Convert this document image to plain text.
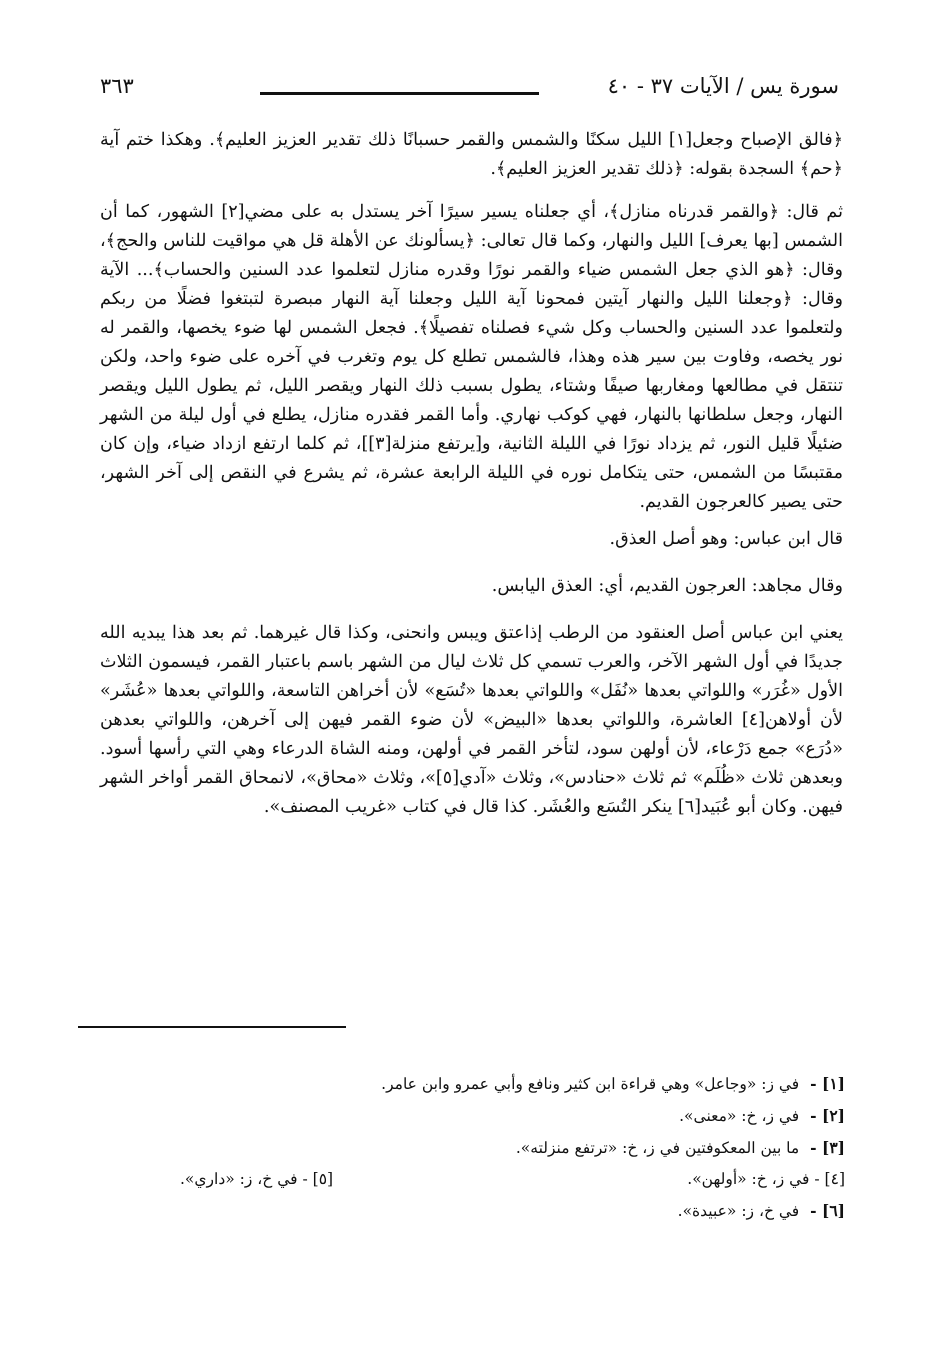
سورة يس / الآيات ٣٧ - ٤٠
٣٦٣

﴿فالق الإصباح وجعل[١] الليل سكنًا والشمس والقمر حسبانًا ذلك تقدير العزيز العليم﴾. وهكذا ختم آية ﴿حم﴾ السجدة بقوله: ﴿ذلك تقدير العزيز العليم﴾.

ثم قال: ﴿والقمر قدرناه منازل﴾، أي جعلناه يسير سيرًا آخر يستدل به على مضي[٢] الشهور، كما أن الشمس [بها يعرف] الليل والنهار، وكما قال تعالى: ﴿يسألونك عن الأهلة قل هي مواقيت للناس والحج﴾، وقال: ﴿هو الذي جعل الشمس ضياء والقمر نورًا وقدره منازل لتعلموا عدد السنين والحساب﴾... الآية وقال: ﴿وجعلنا الليل والنهار آيتين فمحونا آية الليل وجعلنا آية النهار مبصرة لتبتغوا فضلًا من ربكم ولتعلموا عدد السنين والحساب وكل شيء فصلناه تفصيلًا﴾. فجعل الشمس لها ضوء يخصها، والقمر له نور يخصه، وفاوت بين سير هذه وهذا، فالشمس تطلع كل يوم وتغرب في آخره على ضوء واحد، ولكن تنتقل في مطالعها ومغاربها صيفًا وشتاء، يطول بسبب ذلك النهار ويقصر الليل، ثم يطول الليل ويقصر النهار، وجعل سلطانها بالنهار، فهي كوكب نهاري. وأما القمر فقدره منازل، يطلع في أول ليلة من الشهر ضئيلًا قليل النور، ثم يزداد نورًا في الليلة الثانية، و[يرتفع منزلة[٣]]، ثم كلما ارتفع ازداد ضياء، وإن كان مقتبسًا من الشمس، حتى يتكامل نوره في الليلة الرابعة عشرة، ثم يشرع في النقص إلى آخر الشهر، حتى يصير كالعرجون القديم.

قال ابن عباس: وهو أصل العذق.

وقال مجاهد: العرجون القديم، أي: العذق اليابس.

يعني ابن عباس أصل العنقود من الرطب إذاعتق ويبس وانحنى، وكذا قال غيرهما. ثم بعد هذا يبديه الله جديدًا في أول الشهر الآخر، والعرب تسمي كل ثلاث ليال من الشهر باسم باعتبار القمر، فيسمون الثلاث الأول «غُرَر» واللواتي بعدها «نُفَل» واللواتي بعدها «تُسَع» لأن أخراهن التاسعة، واللواتي بعدها «عُشَر» لأن أولاهن[٤] العاشرة، واللواتي بعدها «البيض» لأن ضوء القمر فيهن إلى آخرهن، واللواتي بعدهن «دُرَع» جمع دَرْعاء، لأن أولهن سود، لتأخر القمر في أولهن، ومنه الشاة الدرعاء وهي التي رأسها أسود. وبعدهن ثلاث «ظُلَم» ثم ثلاث «حنادس»، وثلاث «آدي[٥]»، وثلاث «محاق»، لانمحاق القمر أواخر الشهر فيهن. وكان أبو عُبَيد[٦] ينكر التُسَع والعُشَر. كذا قال في كتاب «غريب المصنف».

[١] - في ز: «وجاعل» وهي قراءة ابن كثير ونافع وأبي عمرو وابن عامر.
[٢] - في ز، خ: «معنى».
[٣] - ما بين المعكوفتين في ز، خ: «ترتفع منزلته».
[٤] - في ز، خ: «أولهن».
[٥] - في خ، ز: «داري».
[٦] - في خ، ز: «عبيدة».
